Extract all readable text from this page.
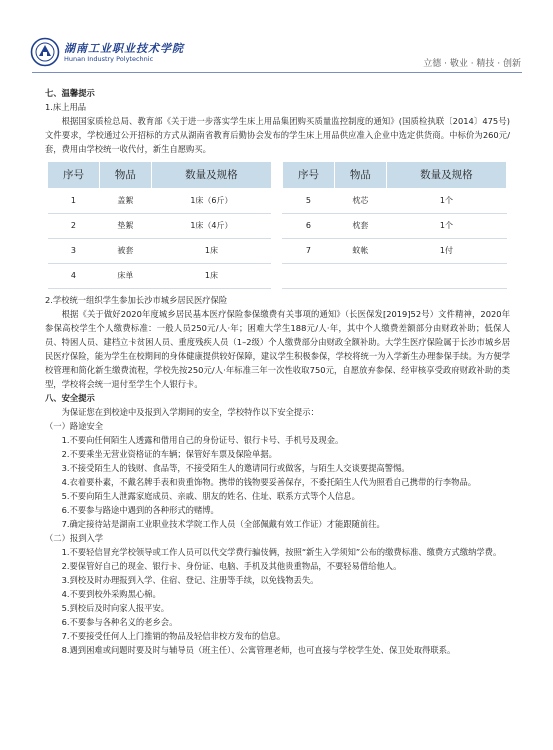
湖南工业职业技术学院
Hunan Industry Polytechnic	立德 · 敬业 · 精技 · 创新

七、温馨提示

1.床上用品

根据国家质检总局、教育部《关于进一步落实学生床上用品集团购买质量监控制度的通知》(国质检执联〔2014〕475号)文件要求，学校通过公开招标的方式从湖南省教育后勤协会发布的学生床上用品供应准入企业中选定供货商。中标价为260元/套，费用由学校统一收代付，新生自愿购买。

序号	物品	数量及规格		序号	物品	数量及规格
1	盖絮	1床（6斤）		5	枕芯	1个
2	垫絮	1床（4斤）		6	枕套	1个
3	被套	1床		7	蚊帐	1付
4	床单	1床				

2.学校统一组织学生参加长沙市城乡居民医疗保险

根据《关于做好2020年度城乡居民基本医疗保险参保缴费有关事项的通知》（长医保发[2019]52号）文件精神，2020年参保高校学生个人缴费标准：一般人员250元/人·年；困难大学生188元/人·年，其中个人缴费差额部分由财政补助；低保人员、特困人员、建档立卡贫困人员、重度残疾人员（1–2级）个人缴费部分由财政全额补助。大学生医疗保险属于长沙市城乡居民医疗保险，能为学生在校期间的身体健康提供较好保障，建议学生积极参保，学校将统一为入学新生办理参保手续。为方便学校管理和简化新生缴费流程，学校先按250元/人·年标准三年一次性收取750元，自愿放弃参保、经审核享受政府财政补助的类型，学校将会统一退付至学生个人银行卡。

八、安全提示

为保证您在到校途中及报到入学期间的安全，学校特作以下安全提示：

（一）路途安全

1.不要向任何陌生人透露和借用自己的身份证号、银行卡号、手机号及现金。

2.不要乘坐无营业资格证的车辆；保管好车票及保险单据。

3.不接受陌生人的钱财、食品等，不接受陌生人的邀请同行或做客，与陌生人交谈要提高警惕。

4.衣着要朴素，不戴名牌手表和贵重饰物。携带的钱物要妥善保存，不委托陌生人代为照看自己携带的行李物品。

5.不要向陌生人泄露家庭成员、亲戚、朋友的姓名、住址、联系方式等个人信息。

6.不要参与路途中遇到的各种形式的赌博。

7.确定接待站是湖南工业职业技术学院工作人员（全部佩戴有效工作证）才能跟随前往。

（二）报到入学

1.不要轻信冒充学校领导或工作人员可以代交学费行骗伎俩，按照“新生入学须知”公布的缴费标准、缴费方式缴纳学费。

2.要保管好自己的现金、银行卡、身份证、电脑、手机及其他贵重物品，不要轻易借给他人。

3.到校及时办理报到入学、住宿、登记、注册等手续，以免钱物丢失。

4.不要到校外采购黑心棉。

5.到校后及时向家人报平安。

6.不要参与各种名义的老乡会。

7.不要接受任何人上门推销的物品及轻信非校方发布的信息。

8.遇到困难或问题时要及时与辅导员（班主任）、公寓管理老师，也可直接与学校学生处、保卫处取得联系。
